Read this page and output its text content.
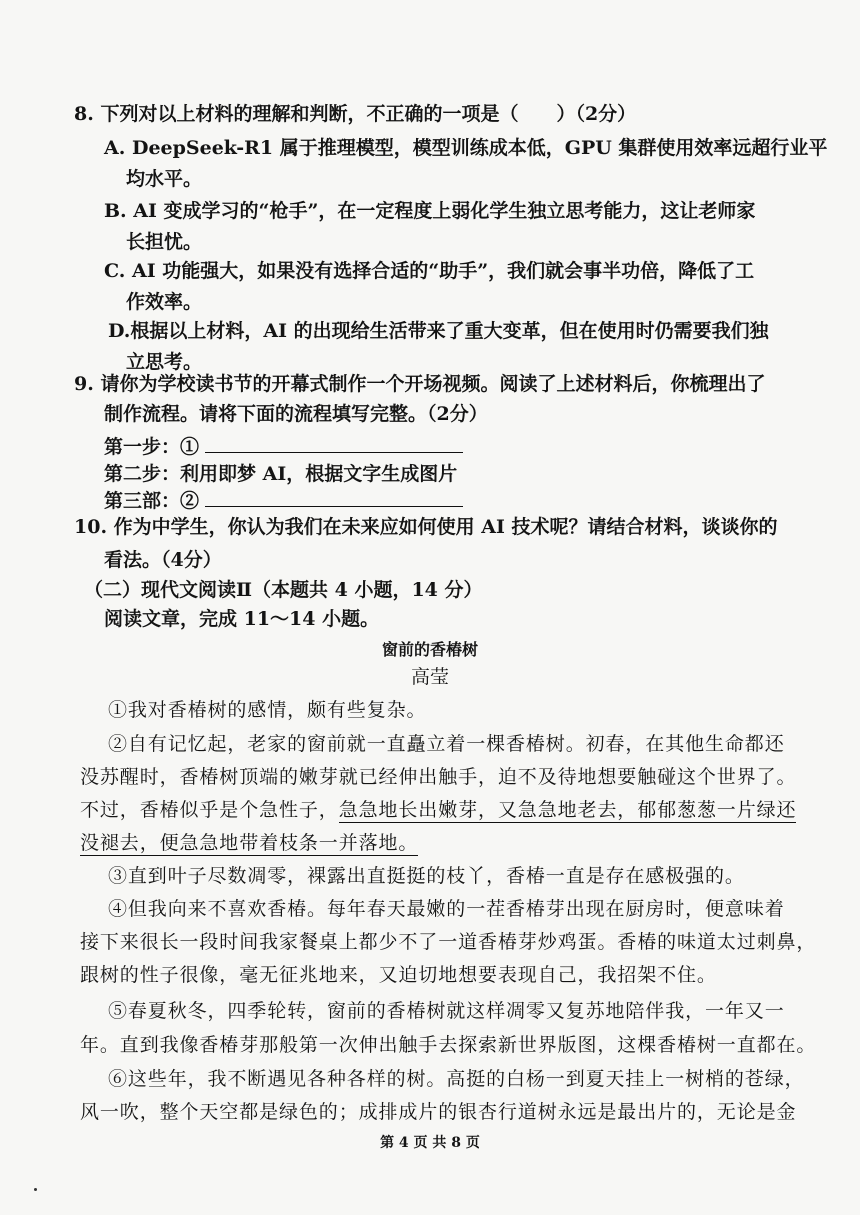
8. 下列对以上材料的理解和判断，不正确的一项是（　　）（2分）
A. DeepSeek-R1 属于推理模型，模型训练成本低，GPU 集群使用效率远超行业平
均水平。
B. AI 变成学习的“枪手”，在一定程度上弱化学生独立思考能力，这让老师家
长担忧。
C. AI 功能强大，如果没有选择合适的“助手”，我们就会事半功倍，降低了工
作效率。
D.根据以上材料，AI 的出现给生活带来了重大变革，但在使用时仍需要我们独
立思考。
9. 请你为学校读书节的开幕式制作一个开场视频。阅读了上述材料后，你梳理出了
制作流程。请将下面的流程填写完整。（2分）
第一步：①
第二步：利用即梦 AI，根据文字生成图片
第三部：②
10. 作为中学生，你认为我们在未来应如何使用 AI 技术呢？请结合材料，谈谈你的
看法。（4分）
（二）现代文阅读Ⅱ（本题共 4 小题，14 分）
阅读文章，完成 11～14 小题。
窗前的香椿树
高莹
①我对香椿树的感情，颇有些复杂。
②自有记忆起，老家的窗前就一直矗立着一棵香椿树。初春，在其他生命都还
没苏醒时，香椿树顶端的嫩芽就已经伸出触手，迫不及待地想要触碰这个世界了。
不过，香椿似乎是个急性子，急急地长出嫩芽，又急急地老去，郁郁葱葱一片绿还
没褪去，便急急地带着枝条一并落地。
③直到叶子尽数凋零，裸露出直挺挺的枝丫，香椿一直是存在感极强的。
④但我向来不喜欢香椿。每年春天最嫩的一茬香椿芽出现在厨房时，便意味着
接下来很长一段时间我家餐桌上都少不了一道香椿芽炒鸡蛋。香椿的味道太过刺鼻，
跟树的性子很像，毫无征兆地来，又迫切地想要表现自己，我招架不住。
⑤春夏秋冬，四季轮转，窗前的香椿树就这样凋零又复苏地陪伴我，一年又一
年。直到我像香椿芽那般第一次伸出触手去探索新世界版图，这棵香椿树一直都在。
⑥这些年，我不断遇见各种各样的树。高挺的白杨一到夏天挂上一树梢的苍绿，
风一吹，整个天空都是绿色的；成排成片的银杏行道树永远是最出片的，无论是金
第 4 页 共 8 页
